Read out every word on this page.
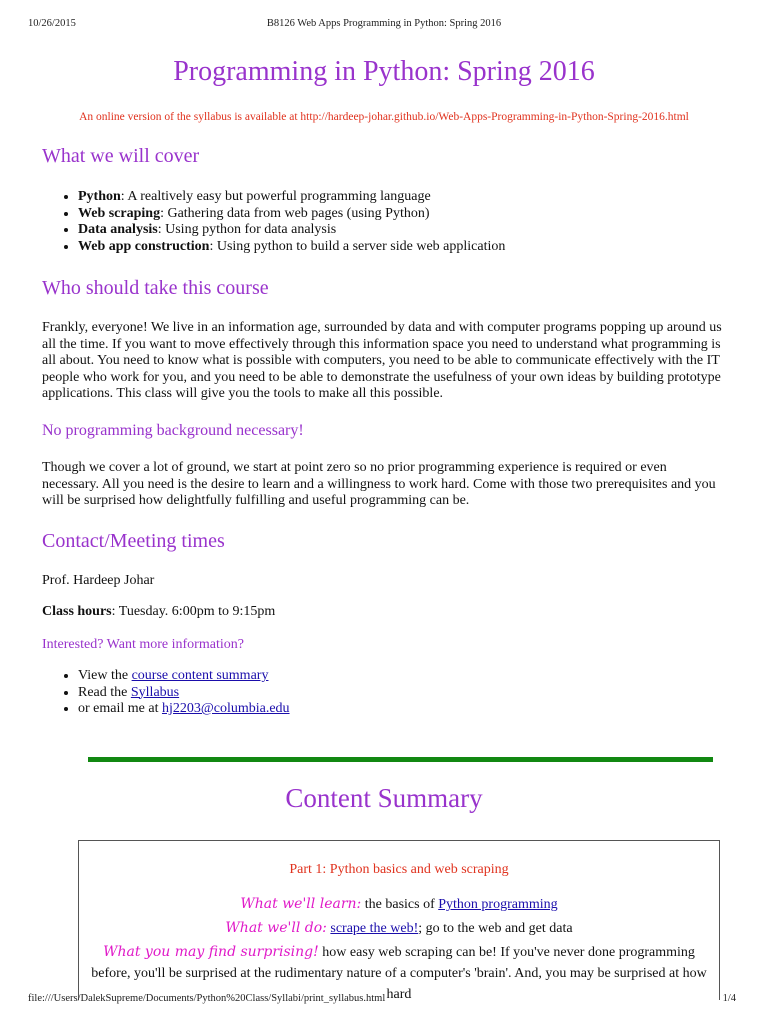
10/26/2015	B8126 Web Apps Programming in Python: Spring 2016
Programming in Python: Spring 2016
An online version of the syllabus is available at http://hardeep-johar.github.io/Web-Apps-Programming-in-Python-Spring-2016.html
What we will cover
• Python: A realtively easy but powerful programming language
• Web scraping: Gathering data from web pages (using Python)
• Data analysis: Using python for data analysis
• Web app construction: Using python to build a server side web application
Who should take this course

Frankly, everyone! We live in an information age, surrounded by data and with computer programs popping up around us all the time. If you want to move effectively through this information space you need to understand what programming is all about. You need to know what is possible with computers, you need to be able to communicate effectively with the IT people who work for you, and you need to be able to demonstrate the usefulness of your own ideas by building prototype applications. This class will give you the tools to make all this possible.

No programming background necessary!

Though we cover a lot of ground, we start at point zero so no prior programming experience is required or even necessary. All you need is the desire to learn and a willingness to work hard. Come with those two prerequisites and you will be surprised how delightfully fulfilling and useful programming can be.

Contact/Meeting times

Prof. Hardeep Johar

Class hours: Tuesday. 6:00pm to 9:15pm

Interested? Want more information?

• View the course content summary
• Read the Syllabus
• or email me at hj2203@columbia.edu
Content Summary
Part 1: Python basics and web scraping
What we'll learn: the basics of Python programming
What we'll do: scrape the web!; go to the web and get data
What you may find surprising! how easy web scraping can be! If you've never done programming before, you'll be surprised at the rudimentary nature of a computer's 'brain'. And, you may be surprised at how hard
file:///Users/DalekSupreme/Documents/Python%20Class/Syllabi/print_syllabus.html	1/4
